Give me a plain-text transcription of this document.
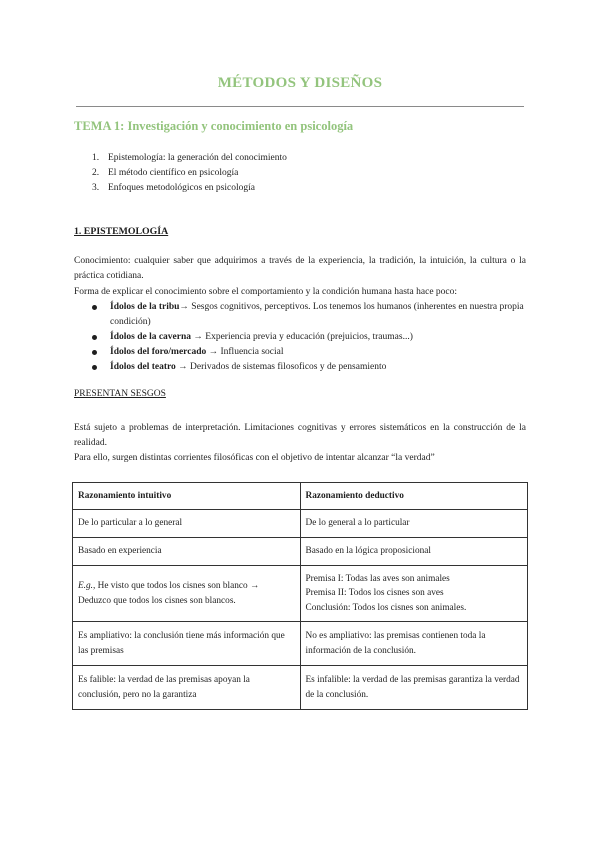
MÉTODOS Y DISEÑOS
TEMA 1: Investigación y conocimiento en psicología
1. Epistemología: la generación del conocimiento
2. El método científico en psicología
3. Enfoques metodológicos en psicología
1. EPISTEMOLOGÍA

Conocimiento: cualquier saber que adquirimos a través de la experiencia, la tradición, la intuición, la cultura o la práctica cotidiana.

Forma de explicar el conocimiento sobre el comportamiento y la condición humana hasta hace poco:

Ídolos de la tribu→ Sesgos cognitivos, perceptivos. Los tenemos los humanos (inherentes en nuestra propia condición)
Ídolos de la caverna → Experiencia previa y educación (prejuicios, traumas...)
Ídolos del foro/mercado → Influencia social
Ídolos del teatro → Derivados de sistemas filosoficos y de pensamiento
PRESENTAN SESGOS

Está sujeto a problemas de interpretación. Limitaciones cognitivas y errores sistemáticos en la construcción de la realidad.

Para ello, surgen distintas corrientes filosóficas con el objetivo de intentar alcanzar “la verdad”

Razonamiento intuitivo	Razonamiento deductivo
De lo particular a lo general	De lo general a lo particular
Basado en experiencia	Basado en la lógica proposicional
E.g., He visto que todos los cisnes son blanco → Deduzco que todos los cisnes son blancos.	Premisa I: Todas las aves son animales
Premisa II: Todos los cisnes son aves
Conclusión: Todos los cisnes son animales.

Es ampliativo: la conclusión tiene más información que las premisas	No es ampliativo: las premisas contienen toda la información de la conclusión.
Es falible: la verdad de las premisas apoyan la conclusión, pero no la garantiza	Es infalible: la verdad de las premisas garantiza la verdad de la conclusión.
